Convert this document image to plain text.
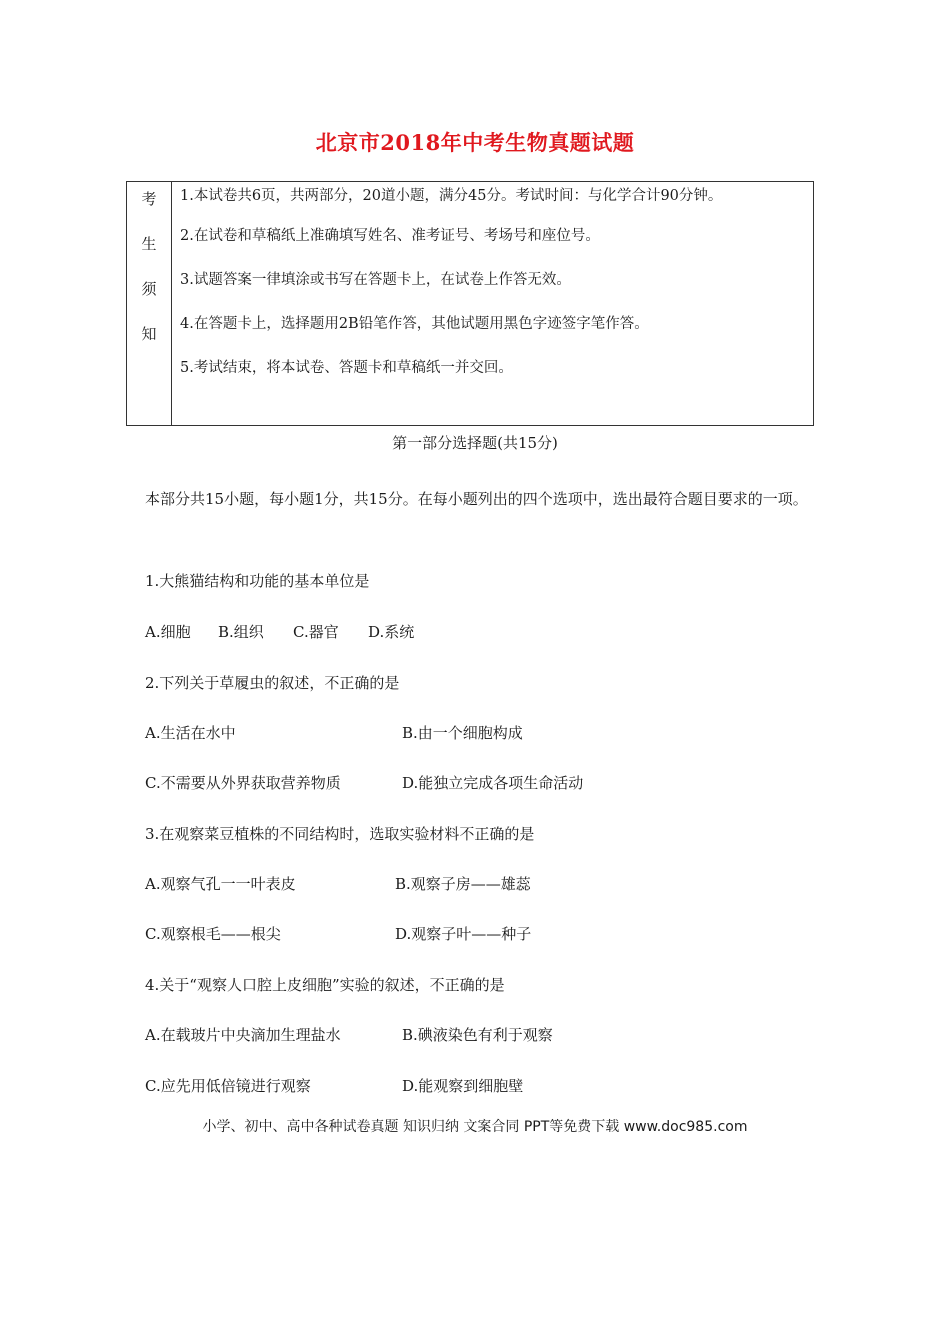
北京市2018年中考生物真题试题
考
生
须
知

1.本试卷共6页，共两部分，20道小题，满分45分。考试时间：与化学合计90分钟。

2.在试卷和草稿纸上准确填写姓名、准考证号、考场号和座位号。

3.试题答案一律填涂或书写在答题卡上，在试卷上作答无效。

4.在答题卡上，选择题用2B铅笔作答，其他试题用黑色字迹签字笔作答。

5.考试结束，将本试卷、答题卡和草稿纸一并交回。

第一部分选择题(共15分)
本部分共15小题，每小题1分，共15分。在每小题列出的四个选项中，选出最符合题目要求的一项。
1.大熊猫结构和功能的基本单位是
A.细胞 B.组织 C.器官 D.系统
2.下列关于草履虫的叙述，不正确的是
A.生活在水中	B.由一个细胞构成
C.不需要从外界获取营养物质	D.能独立完成各项生命活动
3.在观察菜豆植株的不同结构时，选取实验材料不正确的是
A.观察气孔一一叶表皮	B.观察子房——雄蕊
C.观察根毛——根尖	D.观察子叶——种子
4.关于“观察人口腔上皮细胞”实验的叙述，不正确的是
A.在载玻片中央滴加生理盐水	B.碘液染色有利于观察
C.应先用低倍镜进行观察	D.能观察到细胞壁
小学、初中、高中各种试卷真题 知识归纳 文案合同 PPT等免费下载 www.doc985.com
